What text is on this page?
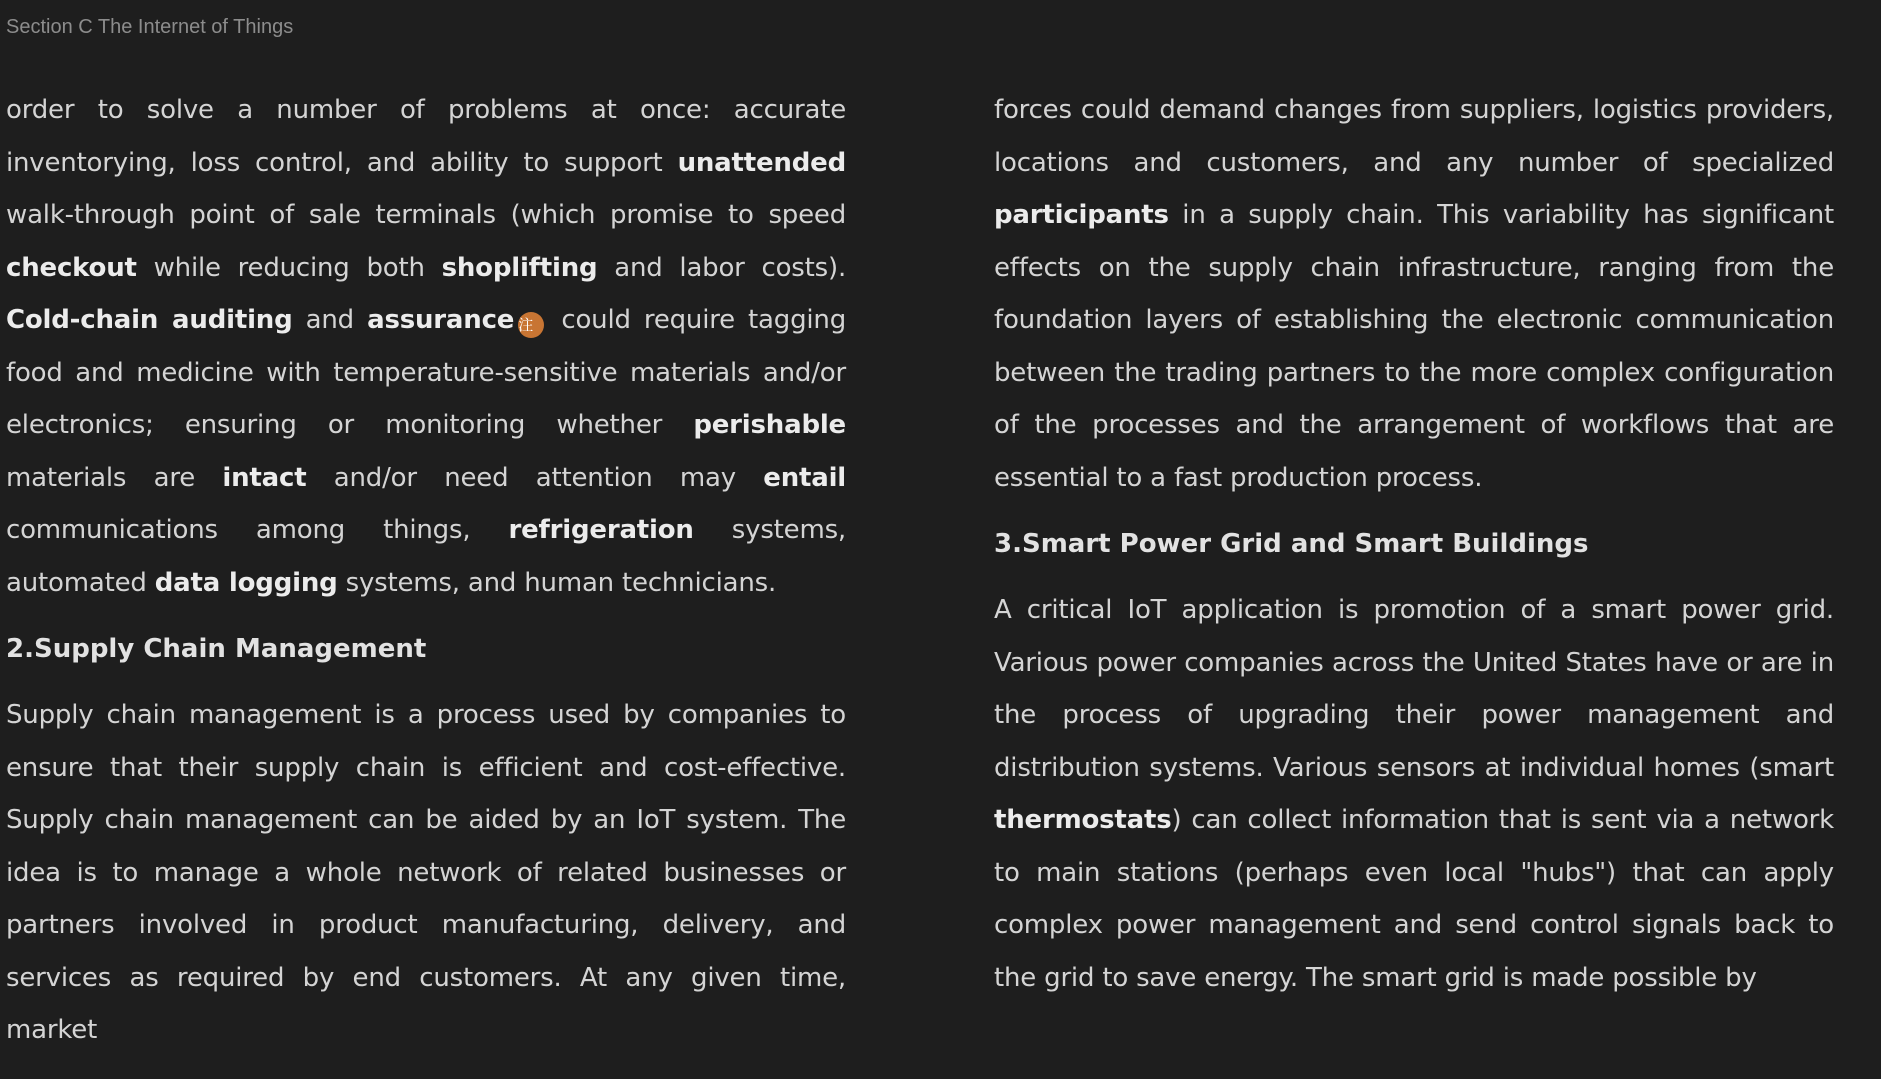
Section C The Internet of Things

order to solve a number of problems at once: accurate inventorying, loss control, and ability to support unattended walk-through point of sale terminals (which promise to speed checkout while reducing both shoplifting and labor costs). Cold-chain auditing and assurance 注 could require tagging food and medicine with temperature-sensitive materials and/or electronics; ensuring or monitoring whether perishable materials are intact and/or need attention may entail communications among things, refrigeration systems, automated data logging systems, and human technicians.

2.Supply Chain Management

Supply chain management is a process used by companies to ensure that their supply chain is efficient and cost-effective. Supply chain management can be aided by an IoT system. The idea is to manage a whole network of related businesses or partners involved in product manufacturing, delivery, and services as required by end customers. At any given time, market

forces could demand changes from suppliers, logistics providers, locations and customers, and any number of specialized participants in a supply chain. This variability has significant effects on the supply chain infrastructure, ranging from the foundation layers of establishing the electronic communication between the trading partners to the more complex configuration of the processes and the arrangement of workflows that are essential to a fast production process.

3.Smart Power Grid and Smart Buildings

A critical IoT application is promotion of a smart power grid. Various power companies across the United States have or are in the process of upgrading their power management and distribution systems. Various sensors at individual homes (smart thermostats) can collect information that is sent via a network to main stations (perhaps even local "hubs") that can apply complex power management and send control signals back to the grid to save energy. The smart grid is made possible by
